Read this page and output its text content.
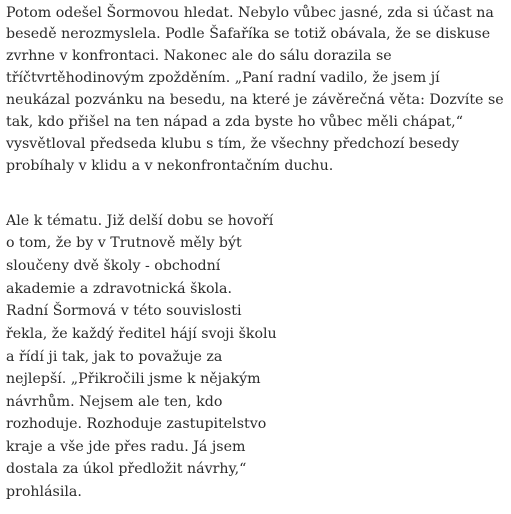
Potom odešel Šormovou hledat. Nebylo vůbec jasné, zda si účast na
besedě nerozmyslela. Podle Šafaříka se totiž obávala, že se diskuse
zvrhne v konfrontaci. Nakonec ale do sálu dorazila se
tříčtvrtěhodinovým zpožděním. „Paní radní vadilo, že jsem jí
neukázal pozvánku na besedu, na které je závěrečná věta: Dozvíte se
tak, kdo přišel na ten nápad a zda byste ho vůbec měli chápat,“
vysvětloval předseda klubu s tím, že všechny předchozí besedy
probíhaly v klidu a v nekonfrontačním duchu.
Ale k tématu. Již delší dobu se hovoří
o tom, že by v Trutnově měly být
sloučeny dvě školy - obchodní
akademie a zdravotnická škola.
Radní Šormová v této souvislosti
řekla, že každý ředitel hájí svoji školu
a řídí ji tak, jak to považuje za
nejlepší. „Přikročili jsme k nějakým
návrhům. Nejsem ale ten, kdo
rozhoduje. Rozhoduje zastupitelstvo
kraje a vše jde přes radu. Já jsem
dostala za úkol předložit návrhy,“
prohlásila.
